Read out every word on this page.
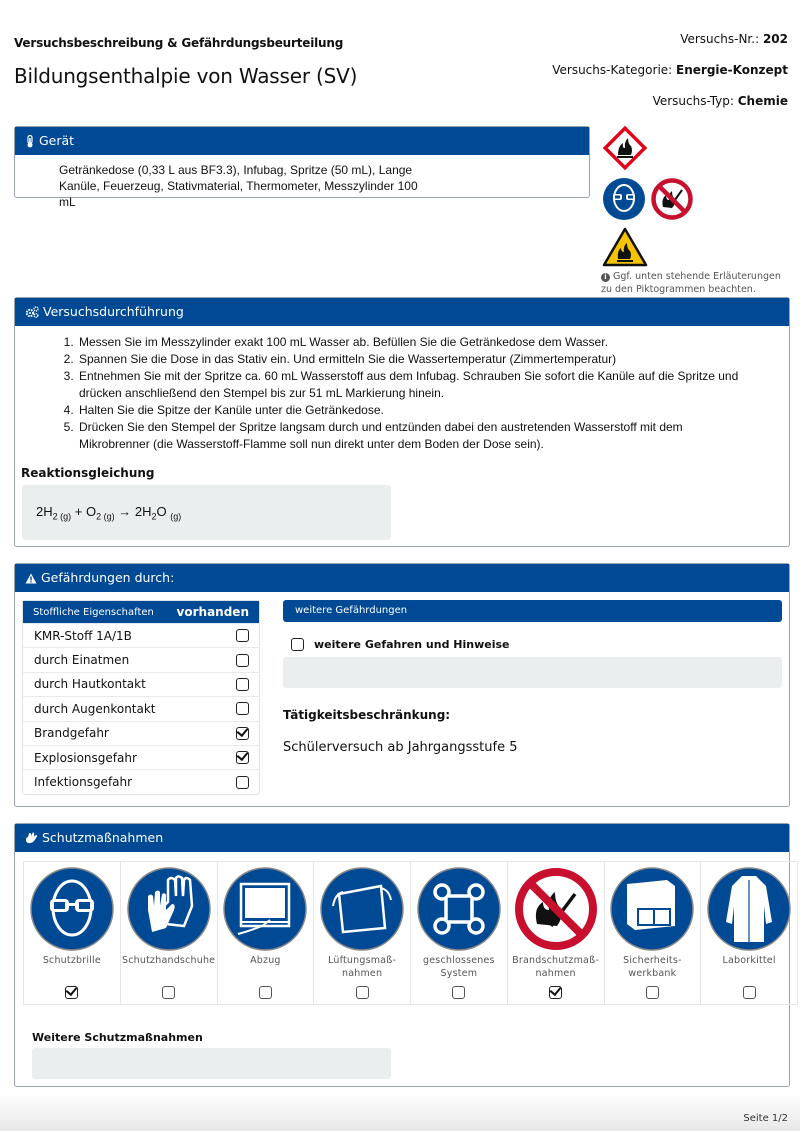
Versuchsbeschreibung & Gefährdungsbeurteilung
Bildungsenthalpie von Wasser (SV)
Versuchs-Nr.: 202
Versuchs-Kategorie: Energie-Konzept
Versuchs-Typ: Chemie
Gerät
Getränkedose (0,33 L aus BF3.3), Infubag, Spritze (50 mL), Lange Kanüle, Feuerzeug, Stativmaterial, Thermometer, Messzylinder 100 mL
i Ggf. unten stehende Erläuterungen zu den Piktogrammen beachten.
Versuchsdurchführung
1. Messen Sie im Messzylinder exakt 100 mL Wasser ab. Befüllen Sie die Getränkedose dem Wasser.
2. Spannen Sie die Dose in das Stativ ein. Und ermitteln Sie die Wassertemperatur (Zimmertemperatur)
3. Entnehmen Sie mit der Spritze ca. 60 mL Wasserstoff aus dem Infubag. Schrauben Sie sofort die Kanüle auf die Spritze und drücken anschließend den Stempel bis zur 51 mL Markierung hinein.
4. Halten Sie die Spitze der Kanüle unter die Getränkedose.
5. Drücken Sie den Stempel der Spritze langsam durch und entzünden dabei den austretenden Wasserstoff mit dem Mikrobrenner (die Wasserstoff-Flamme soll nun direkt unter dem Boden der Dose sein).
Reaktionsgleichung
$2H_2$ $_{(g)} + O_2$ $_{(g)} \to 2H_2O$ $_{(g)}$
Gefährdungen durch:
Stoffliche Eigenschaften vorhanden
KMR-Stoff 1A/1B
durch Einatmen
durch Hautkontakt
durch Augenkontakt
Brandgefahr
Explosionsgefahr
Infektionsgefahr
weitere Gefährdungen
weitere Gefahren und Hinweise
Tätigkeitsbeschränkung:
Schülerversuch ab Jahrgangsstufe 5
Schutzmaßnahmen
Schutzbrille Schutzhandschuhe	Abzug	Lüftungsmaß-
nahmen
geschlossenes
System
Brandschutzmaß-
nahmen
Sicherheits-
werkbank
Laborkittel
Weitere Schutzmaßnahmen
Seite 1/2
